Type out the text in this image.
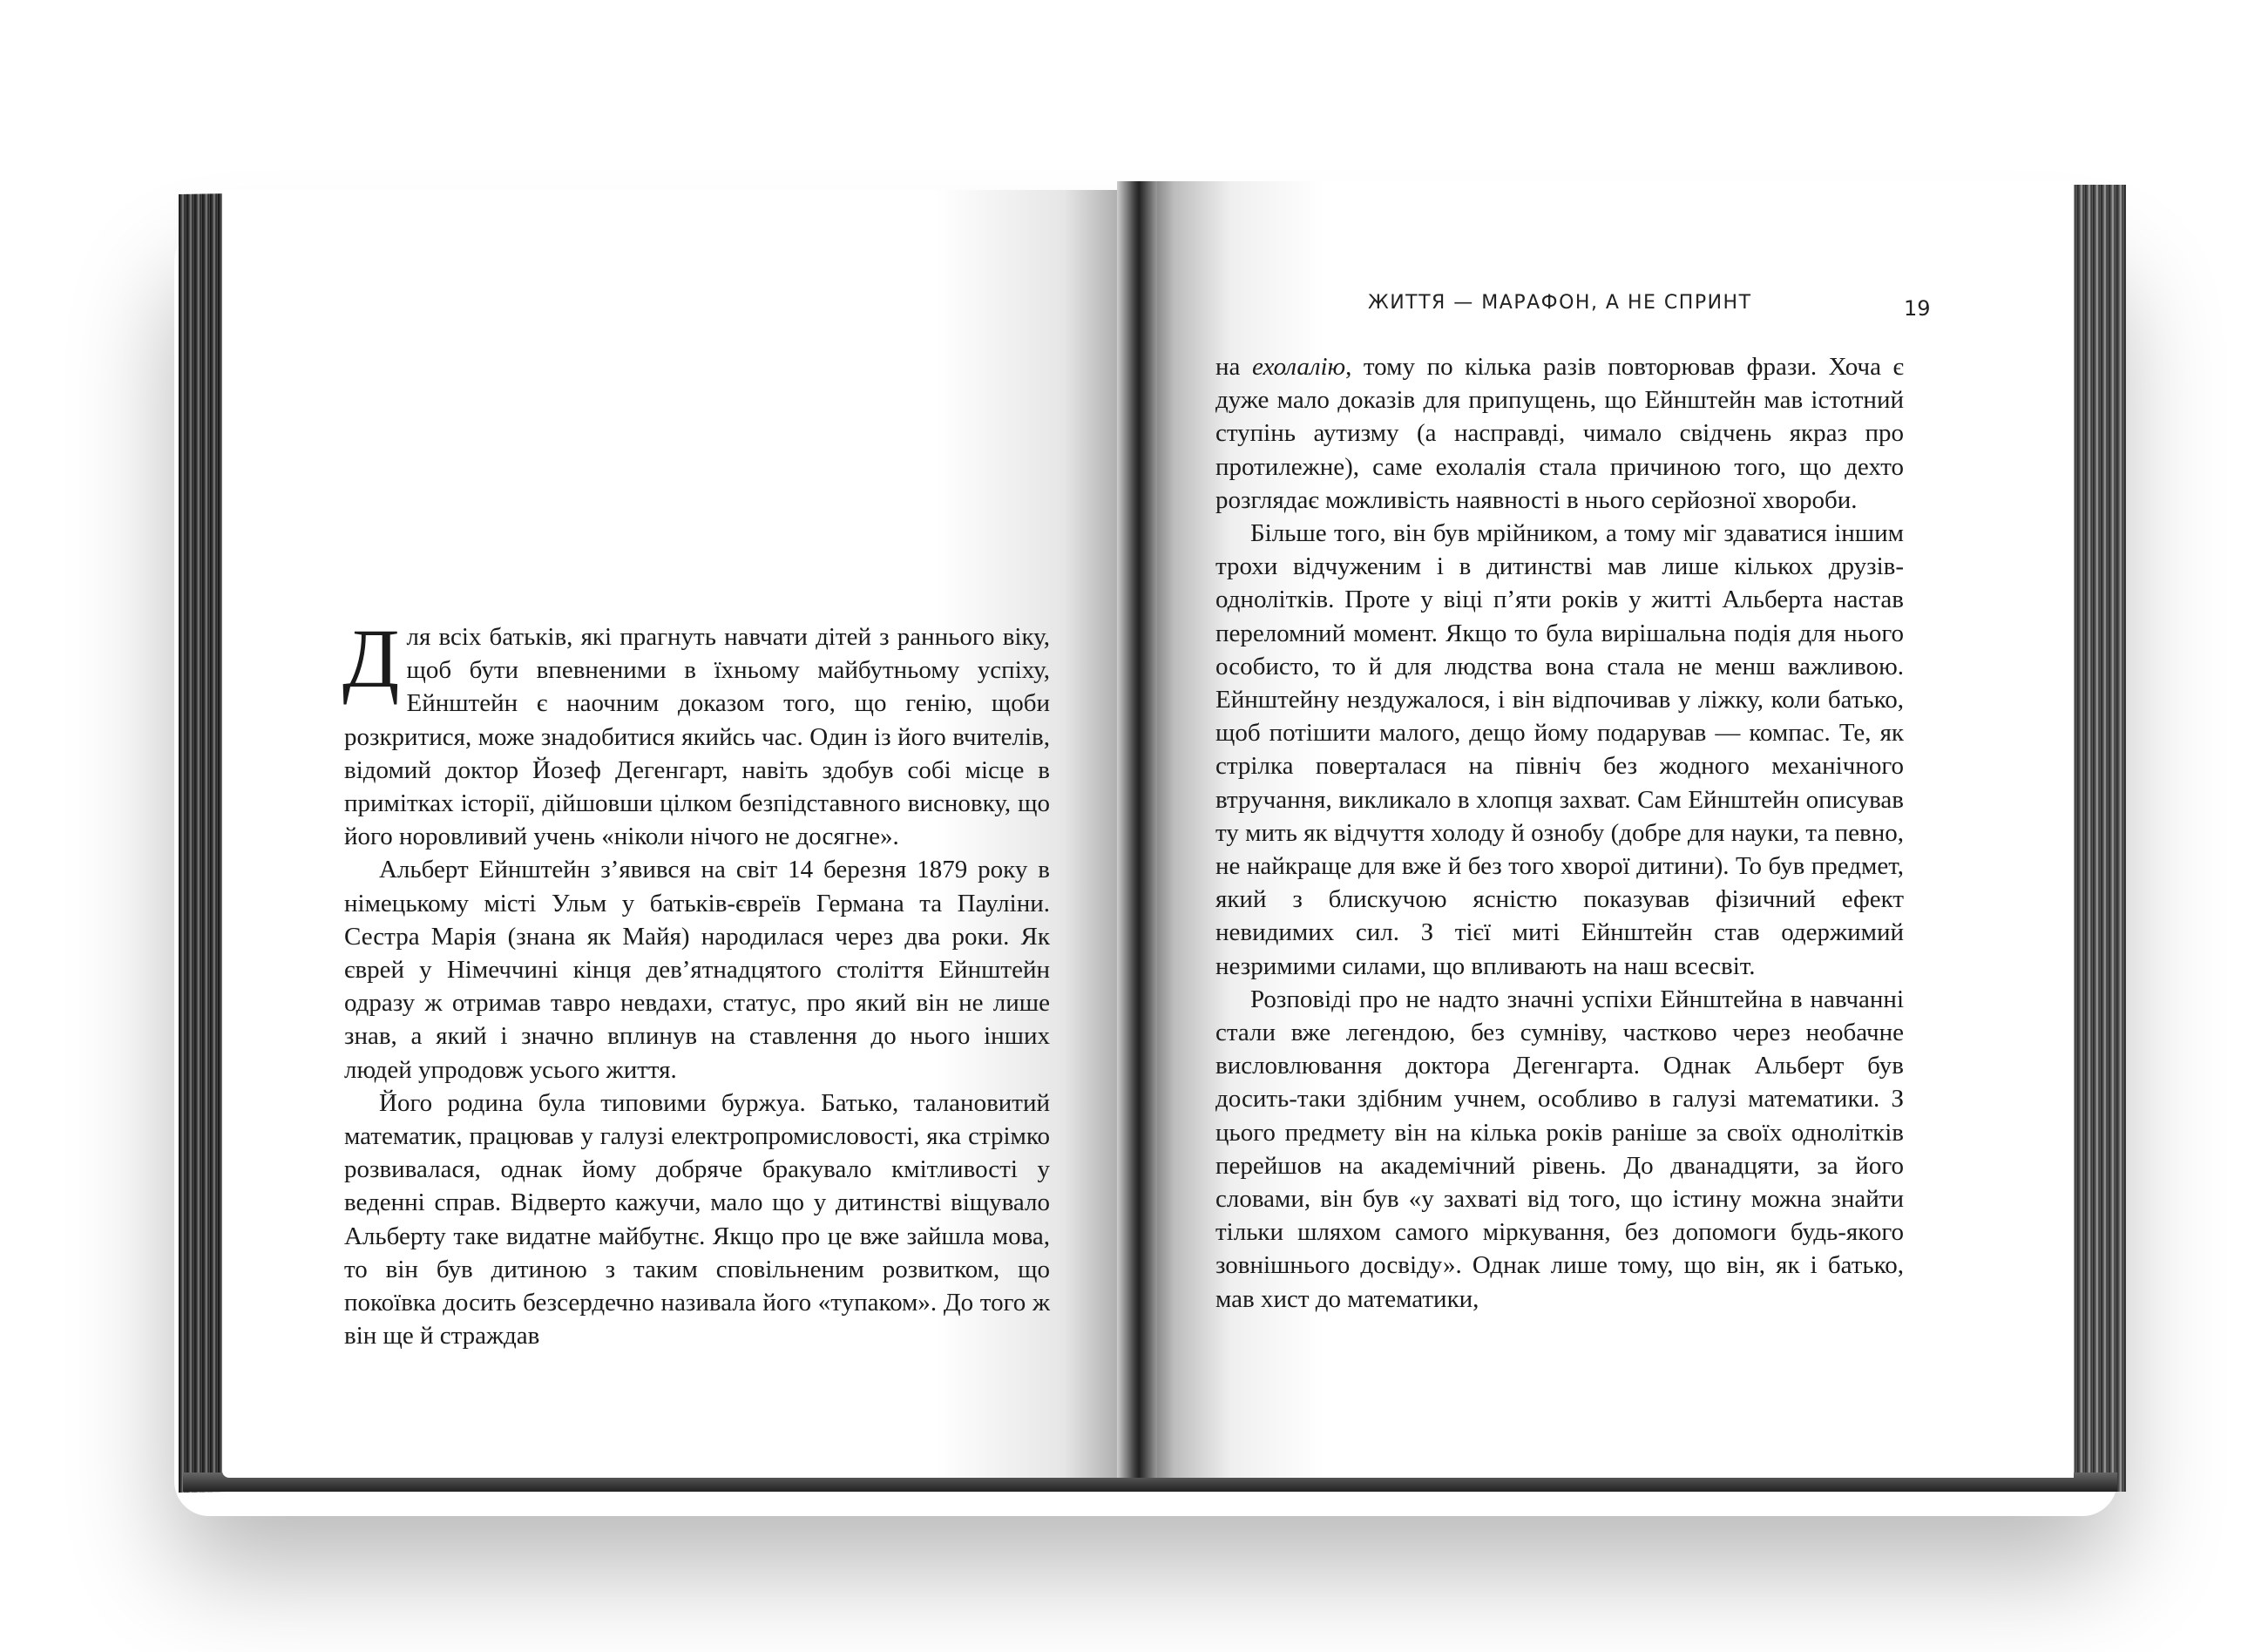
Для всіх батьків, які прагнуть навчати дітей з раннього віку, щоб бути впевненими в їхньому майбутньому успіху, Ейнштейн є наочним доказом того, що генію, щоби розкритися, може знадобитися якийсь час. Один із його вчителів, відомий доктор Йозеф Дегенгарт, навіть здобув собі місце в примітках історії, дійшовши цілком безпідставного висновку, що його норовливий учень «ніколи нічого не досягне».

Альберт Ейнштейн з’явився на світ 14 березня 1879 року в німецькому місті Ульм у батьків-євреїв Германа та Пауліни. Сестра Марія (знана як Майя) народилася через два роки. Як єврей у Німеччині кінця дев’ятнадцятого століття Ейнштейн одразу ж отримав тавро невдахи, статус, про який він не лише знав, а який і значно вплинув на ставлення до нього інших людей упродовж усього життя.

Його родина була типовими буржуа. Батько, талановитий математик, працював у галузі електропромисловості, яка стрімко розвивалася, однак йому добряче бракувало кмітливості у веденні справ. Відверто кажучи, мало що у дитинстві віщувало Альберту таке видатне майбутнє. Якщо про це вже зайшла мова, то він був дитиною з таким сповільненим розвитком, що покоївка досить безсердечно називала його «тупаком». До того ж він ще й страждав

ЖИТТЯ — МАРАФОН, А НЕ СПРИНТ	19

на ехолалію, тому по кілька разів повторював фрази. Хоча є дуже мало доказів для припущень, що Ейнштейн мав істотний ступінь аутизму (а насправді, чимало свідчень якраз про протилежне), саме ехолалія стала причиною того, що дехто розглядає можливість наявності в нього серйозної хвороби.

Більше того, він був мрійником, а тому міг здаватися іншим трохи відчуженим і в дитинстві мав лише кількох друзів-однолітків. Проте у віці п’яти років у житті Альберта настав переломний момент. Якщо то була вирішальна подія для нього особисто, то й для людства вона стала не менш важливою. Ейнштейну нездужалося, і він відпочивав у ліжку, коли батько, щоб потішити малого, дещо йому подарував — компас. Те, як стрілка поверталася на північ без жодного механічного втручання, викликало в хлопця захват. Сам Ейнштейн описував ту мить як відчуття холоду й ознобу (добре для науки, та певно, не найкраще для вже й без того хворої дитини). То був предмет, який з блискучою ясністю показував фізичний ефект невидимих сил. З тієї миті Ейнштейн став одержимий незримими силами, що впливають на наш всесвіт.

Розповіді про не надто значні успіхи Ейнштейна в навчанні стали вже легендою, без сумніву, частково через необачне висловлювання доктора Дегенгарта. Однак Альберт був досить-таки здібним учнем, особливо в галузі математики. З цього предмету він на кілька років раніше за своїх однолітків перейшов на академічний рівень. До дванадцяти, за його словами, він був «у захваті від того, що істину можна знайти тільки шляхом самого міркування, без допомоги будь-якого зовнішнього досвіду». Однак лише тому, що він, як і батько, мав хист до математики,
